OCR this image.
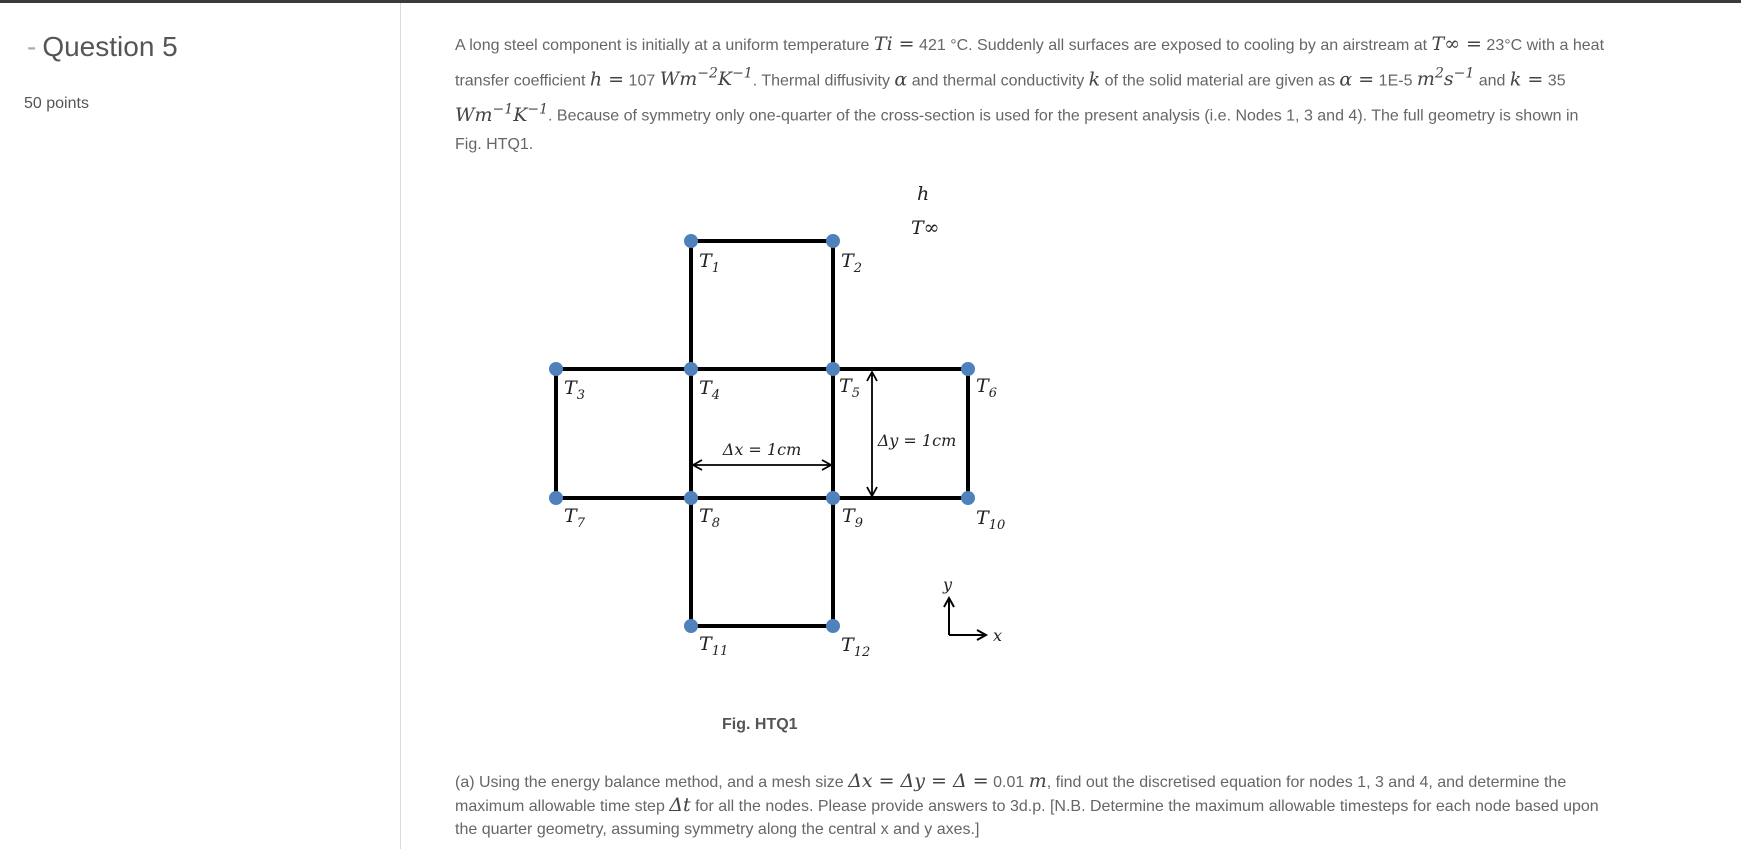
- Question 5
50 points
A long steel component is initially at a uniform temperature Ti = 421 °C. Suddenly all surfaces are exposed to cooling by an airstream at T∞ = 23°C with a heat transfer coefficient h = 107 $Wm^{-2}K^{-1}$. Thermal diffusivity α and thermal conductivity k of the solid material are given as α = 1E-5 $m^2s^{-1}$ and k = 35 $Wm^{-1}K^{-1}$. Because of symmetry only one-quarter of the cross-section is used for the present analysis (i.e. Nodes 1, 3 and 4). The full geometry is shown in Fig. HTQ1.
Δx = 1cm	Δy = 1cm
h
T∞
y
x
$T_1$	$T_2$
$T_3$	$T_4$	$T_5$	$T_6$
$T_7$	$T_8$	$T_9$	$T_{10}$
$T_{11}$	$T_{12}$
Fig. HTQ1
(a) Using the energy balance method, and a mesh size Δx = Δy = Δ = 0.01 m, find out the discretised equation for nodes 1, 3 and 4, and determine the maximum allowable time step Δt for all the nodes. Please provide answers to 3d.p. [N.B. Determine the maximum allowable timesteps for each node based upon the quarter geometry, assuming symmetry along the central x and y axes.]
